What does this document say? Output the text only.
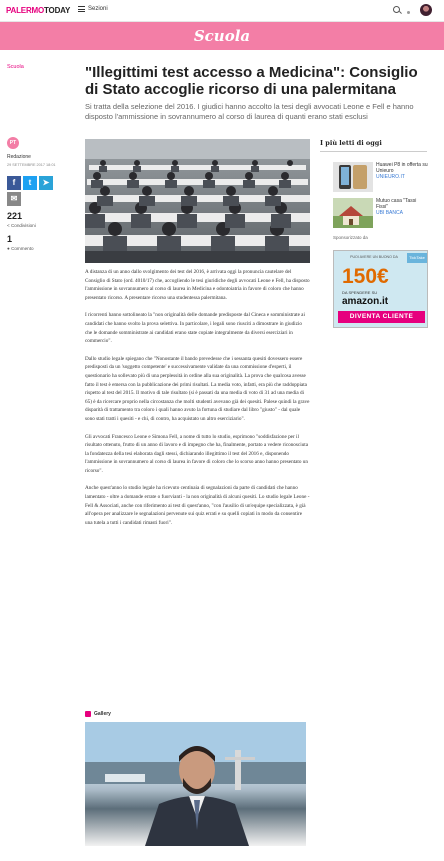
PALERMOTODAY	Sezioni
Scuola
Scuola	"Illegittimi test accesso a Medicina": Consiglio di Stato accoglie ricorso di una palermitana

Si tratta della selezione del 2016. I giudici hanno accolto la tesi degli avvocati Leone e Fell e hanno disposto l'ammissione in sovrannumero al corso di laurea di quanti erano stati esclusi

PT
Redazione
29 SETTEMBRE 2017 18:01
f	t	➤
✉
221
< Condivisioni
1
● Commento

A distanza di un anno dallo svolgimento dei test del 2016, è arrivata oggi la pronuncia cautelare del Consiglio di Stato (ord. 4010/17) che, accogliendo le tesi giuridiche degli avvocati Leone e Fell, ha disposto l'ammissione in sovrannumero al corso di laurea in Medicina e odontoiatria in favore di coloro che hanno presentato ricorso. A presentare ricorso una studentessa palermitana.

I ricorrenti hanno sottolineato la "non originalità delle domande predisposte dal Cineca e somministrate ai candidati che hanno svolto la prova selettiva. In particolare, i legali sono riusciti a dimostrare in giudizio che le domande somministrate ai candidati erano state copiate integralmente da diversi eserciziari in commercio".

Dallo studio legale spiegano che "Nonostante il bando prevedesse che i sessanta quesiti dovessero essere predisposti da un 'soggetto competente' e successivamente validate da una commissione d'esperti, il questionario ha sollevato più di una perplessità in ordine alla sua originalità. La prova che qualcosa avesse fatto il test è emersa con la pubblicazione dei primi risultati. La media voto, infatti, era più che raddoppiata rispetto al test del 2015. Il motivo di tale risultato (si è passati da una media di voto di 31 ad una media di 65) è da ricercare proprio nella circostanza che molti studenti avevano già dei quesiti. Palese quindi la grave disparità di trattamento tra coloro i quali hanno avuto la fortuna di studiare dal libro "giusto" - dal quale sono stati tratti i quesiti - e chi, di contro, ha acquistato un altro eserciziario".

Gli avvocati Francesco Leone e Simona Fell, a nome di tutto lo studio, esprimono "soddisfazione per il risultato ottenuto, frutto di un anno di lavoro e di impegno che ha, finalmente, portato a vedere riconosciuta la fondatezza della tesi elaborata dagli stessi, dichiarando illegittimo il test del 2016 e, disponendo l'ammissione in sovrannumero al corso di laurea in favore di coloro che lo scorso anno hanno presentato un ricorso".

Anche quest'anno lo studio legale ha ricevuto centinaia di segnalazioni da parte di candidati che hanno lamentato - oltre a domande errate o fuorvianti - la non originalità di alcuni quesiti. Lo studio legale Leone - Fell & Associati, anche con riferimento ai test di quest'anno, "con l'ausilio di un'equipe specializzata, è già all'opera per analizzare le segnalazioni pervenute sui quiz errati e su quelli copiati in modo da consentire una tutela a tutti i candidati rimasti fuori".

Gallery
I più letti di oggi
Huawei P8 in offerta su Unieuro
UNIEURO.IT
Mutuo casa "Tassi Fissi"
UBI BANCA
Sponsorizzato da
PUOI AVERE UN BUONO DA	TickTake
150€
DA SPENDERE SU
amazon.it
DIVENTA CLIENTE
